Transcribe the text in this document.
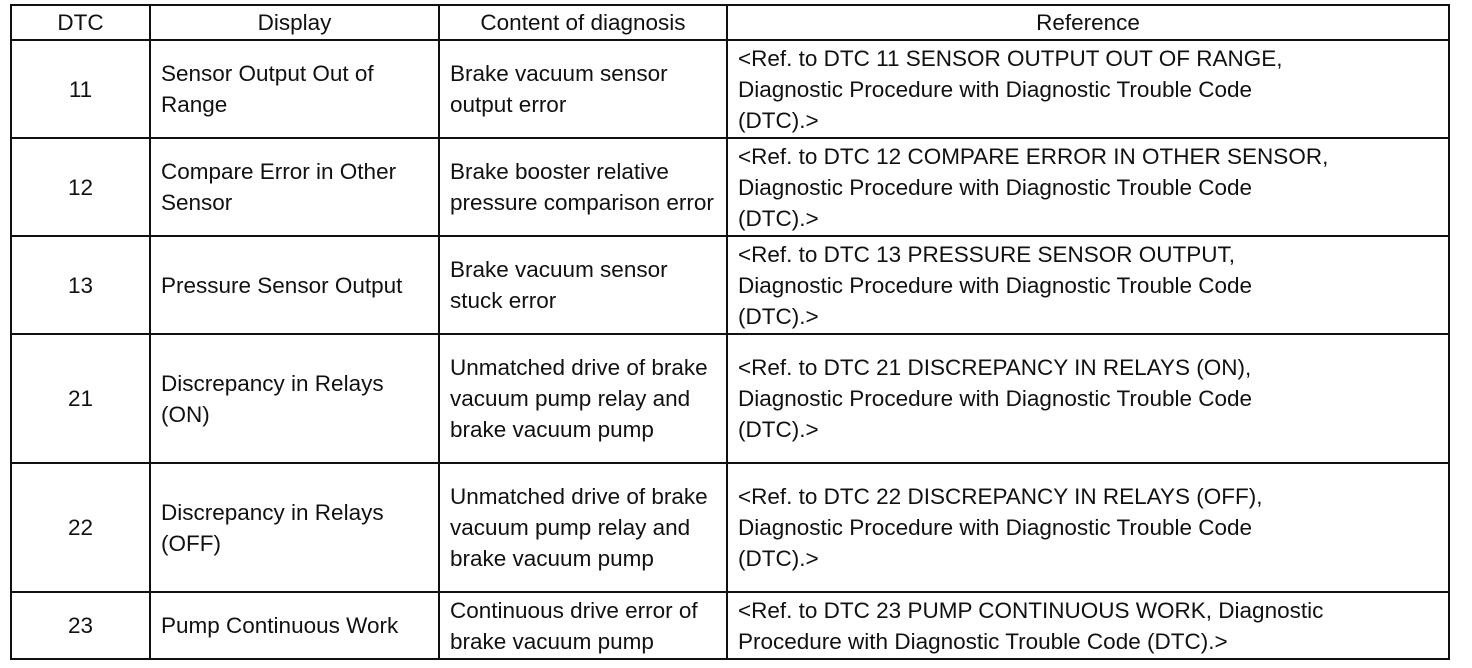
DTC	Display	Content of diagnosis	Reference
11	Sensor Output Out of Range	Brake vacuum sensor output error	<Ref. to DTC 11 SENSOR OUTPUT OUT OF RANGE,
Diagnostic Procedure with Diagnostic Trouble Code
(DTC).>

12	Compare Error in Other Sensor	Brake booster relative pressure comparison error	<Ref. to DTC 12 COMPARE ERROR IN OTHER SENSOR,
Diagnostic Procedure with Diagnostic Trouble Code
(DTC).>

13	Pressure Sensor Output	Brake vacuum sensor stuck error	<Ref. to DTC 13 PRESSURE SENSOR OUTPUT,
Diagnostic Procedure with Diagnostic Trouble Code
(DTC).>

21	Discrepancy in Relays (ON)	Unmatched drive of brake vacuum pump relay and brake vacuum pump	<Ref. to DTC 21 DISCREPANCY IN RELAYS (ON),
Diagnostic Procedure with Diagnostic Trouble Code
(DTC).>

22	Discrepancy in Relays (OFF)	Unmatched drive of brake vacuum pump relay and brake vacuum pump	<Ref. to DTC 22 DISCREPANCY IN RELAYS (OFF),
Diagnostic Procedure with Diagnostic Trouble Code
(DTC).>

23	Pump Continuous Work	Continuous drive error of brake vacuum pump	<Ref. to DTC 23 PUMP CONTINUOUS WORK, Diagnostic
Procedure with Diagnostic Trouble Code (DTC).>
